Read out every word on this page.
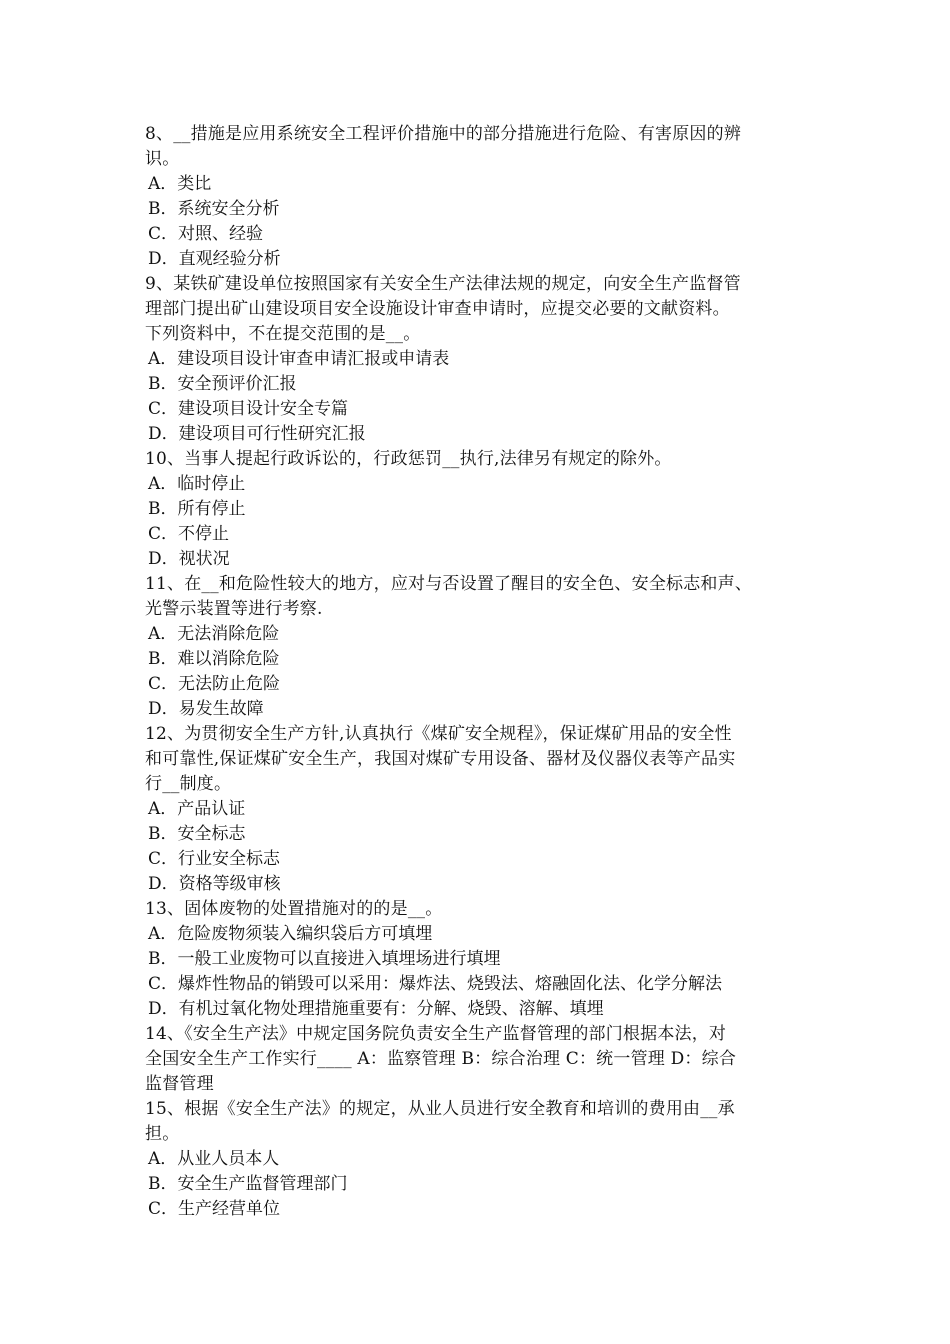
8、__措施是应用系统安全工程评价措施中的部分措施进行危险、有害原因的辨
识。
A．类比
B．系统安全分析
C．对照、经验
D．直观经验分析
9、某铁矿建设单位按照国家有关安全生产法律法规的规定，向安全生产监督管
理部门提出矿山建设项目安全设施设计审查申请时，应提交必要的文献资料。
下列资料中，不在提交范围的是__。
A．建设项目设计审查申请汇报或申请表
B．安全预评价汇报
C．建设项目设计安全专篇
D．建设项目可行性研究汇报
10、当事人提起行政诉讼的，行政惩罚__执行,法律另有规定的除外。
A．临时停止
B．所有停止
C．不停止
D．视状况
11、在__和危险性较大的地方，应对与否设置了醒目的安全色、安全标志和声、
光警示装置等进行考察.
A．无法消除危险
B．难以消除危险
C．无法防止危险
D．易发生故障
12、为贯彻安全生产方针,认真执行《煤矿安全规程》，保证煤矿用品的安全性
和可靠性,保证煤矿安全生产，我国对煤矿专用设备、器材及仪器仪表等产品实
行__制度。
A．产品认证
B．安全标志
C．行业安全标志
D．资格等级审核
13、固体废物的处置措施对的的是__。
A．危险废物须装入编织袋后方可填埋
B．一般工业废物可以直接进入填埋场进行填埋
C．爆炸性物品的销毁可以采用：爆炸法、烧毁法、熔融固化法、化学分解法
D．有机过氧化物处理措施重要有：分解、烧毁、溶解、填埋
14、《安全生产法》中规定国务院负责安全生产监督管理的部门根据本法，对
全国安全生产工作实行____ A：监察管理 B：综合治理 C：统一管理 D：综合
监督管理
15、根据《安全生产法》的规定，从业人员进行安全教育和培训的费用由__承
担。
A．从业人员本人
B．安全生产监督管理部门
C．生产经营单位
